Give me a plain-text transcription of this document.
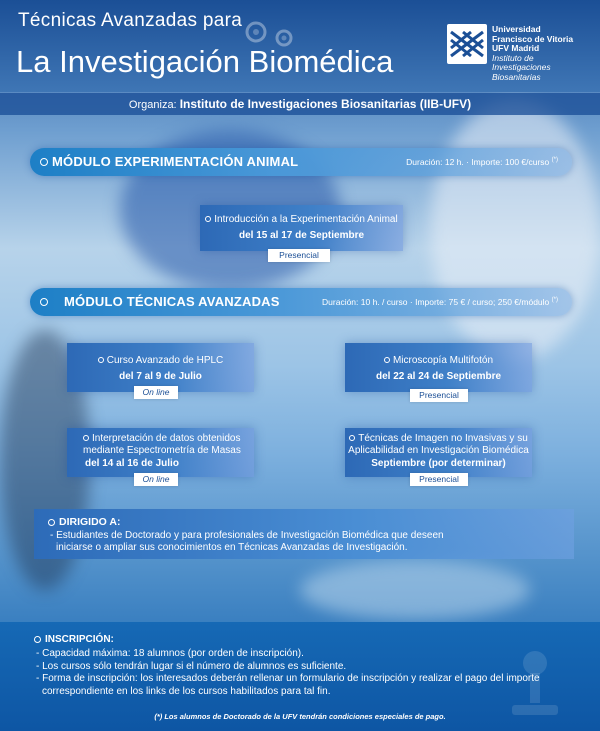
Técnicas Avanzadas para
La Investigación Biomédica
Universidad
Francisco de Vitoria
UFV Madrid
Instituto de Investigaciones
Biosanitarias
Organiza: Instituto de Investigaciones Biosanitarias (IIB-UFV)
MÓDULO EXPERIMENTACIÓN ANIMAL	Duración: 12 h. · Importe: 100 €/curso (*)
Introducción a la Experimentación Animal
del 15 al 17 de Septiembre
Presencial
MÓDULO TÉCNICAS AVANZADAS	Duración: 10 h. / curso · Importe: 75 € / curso; 250 €/módulo (*)
Curso Avanzado de HPLC
del 7 al 9 de Julio
On line
Microscopía Multifotón
del 22 al 24 de Septiembre
Presencial
Interpretación de datos obtenidos
mediante Espectrometría de Masas
del 14 al 16 de Julio
On line
Técnicas de Imagen no Invasivas y su
Aplicabilidad en Investigación Biomédica
Septiembre (por determinar)
Presencial
DIRIGIDO A:
- Estudiantes de Doctorado y para profesionales de Investigación Biomédica que deseen
iniciarse o ampliar sus conocimientos en Técnicas Avanzadas de Investigación.
INSCRIPCIÓN:
- Capacidad máxima: 18 alumnos (por orden de inscripción).
- Los cursos sólo tendrán lugar si el número de alumnos es suficiente.
- Forma de inscripción: los interesados deberán rellenar un formulario de inscripción y realizar el pago del importe
correspondiente en los links de los cursos habilitados para tal fin.
(*) Los alumnos de Doctorado de la UFV tendrán condiciones especiales de pago.
